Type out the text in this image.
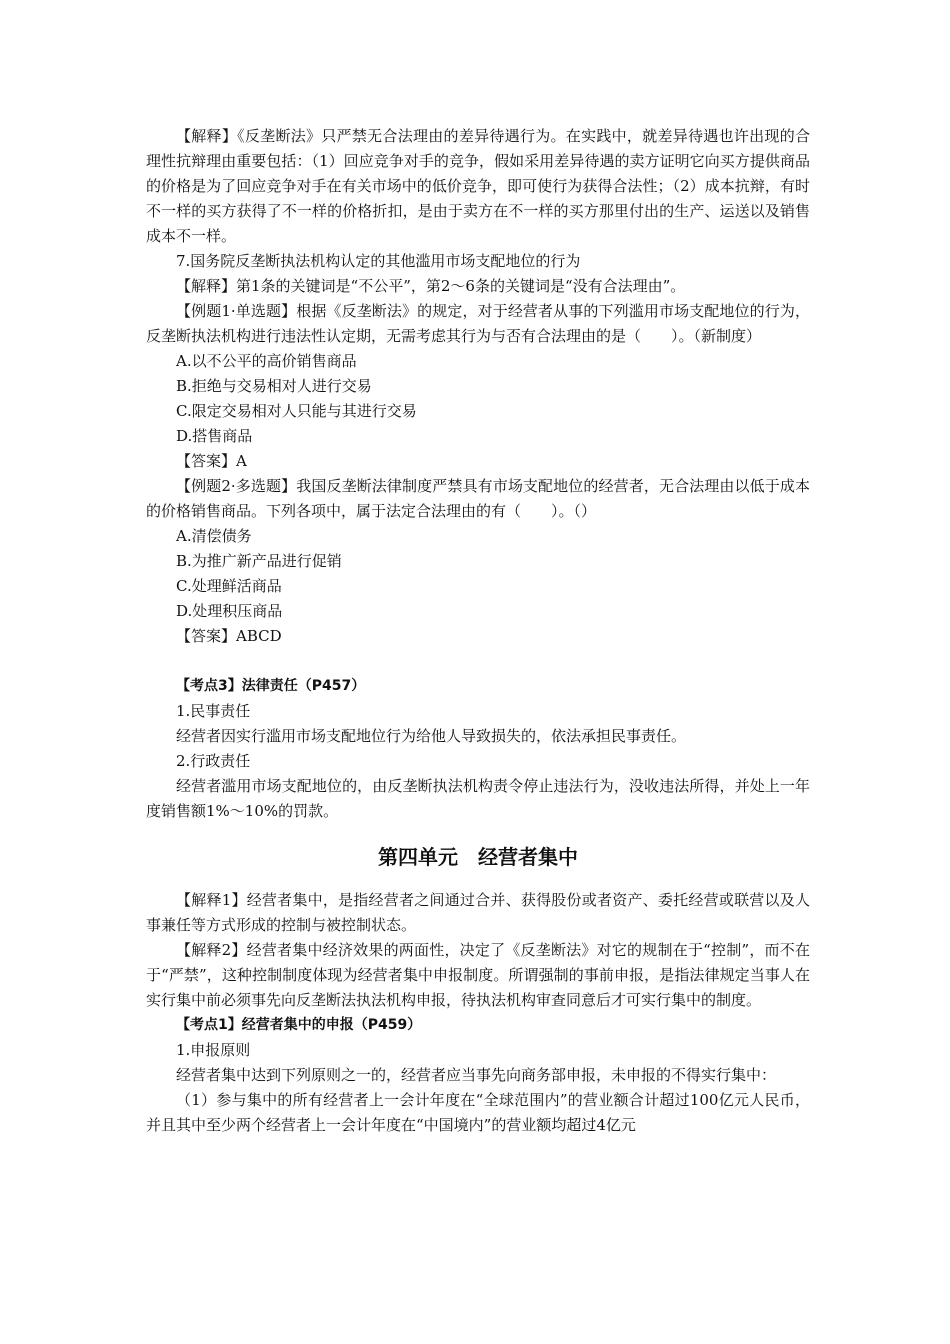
【解释】《反垄断法》只严禁无合法理由的差异待遇行为。在实践中，就差异待遇也许出现的合理性抗辩理由重要包括：（1）回应竞争对手的竞争，假如采用差异待遇的卖方证明它向买方提供商品的价格是为了回应竞争对手在有关市场中的低价竞争，即可使行为获得合法性；（2）成本抗辩，有时不一样的买方获得了不一样的价格折扣，是由于卖方在不一样的买方那里付出的生产、运送以及销售成本不一样。

7.国务院反垄断执法机构认定的其他滥用市场支配地位的行为

【解释】第1条的关键词是“不公平”，第2～6条的关键词是“没有合法理由”。

【例题1·单选题】根据《反垄断法》的规定，对于经营者从事的下列滥用市场支配地位的行为，反垄断执法机构进行违法性认定期，无需考虑其行为与否有合法理由的是（　　）。（新制度）

A.以不公平的高价销售商品

B.拒绝与交易相对人进行交易

C.限定交易相对人只能与其进行交易

D.搭售商品

【答案】A

【例题2·多选题】我国反垄断法律制度严禁具有市场支配地位的经营者，无合法理由以低于成本的价格销售商品。下列各项中，属于法定合法理由的有（　　）。（）

A.清偿债务

B.为推广新产品进行促销

C.处理鲜活商品

D.处理积压商品

【答案】ABCD

【考点3】法律责任（P457）

1.民事责任

经营者因实行滥用市场支配地位行为给他人导致损失的，依法承担民事责任。

2.行政责任

经营者滥用市场支配地位的，由反垄断执法机构责令停止违法行为，没收违法所得，并处上一年度销售额1%～10%的罚款。

第四单元　经营者集中

【解释1】经营者集中，是指经营者之间通过合并、获得股份或者资产、委托经营或联营以及人事兼任等方式形成的控制与被控制状态。

【解释2】经营者集中经济效果的两面性，决定了《反垄断法》对它的规制在于“控制”，而不在于“严禁”，这种控制制度体现为经营者集中申报制度。所谓强制的事前申报，是指法律规定当事人在实行集中前必须事先向反垄断法执法机构申报，待执法机构审查同意后才可实行集中的制度。

【考点1】经营者集中的申报（P459）

1.申报原则

经营者集中达到下列原则之一的，经营者应当事先向商务部申报，未申报的不得实行集中：

（1）参与集中的所有经营者上一会计年度在“全球范围内”的营业额合计超过100亿元人民币，并且其中至少两个经营者上一会计年度在“中国境内”的营业额均超过4亿元
